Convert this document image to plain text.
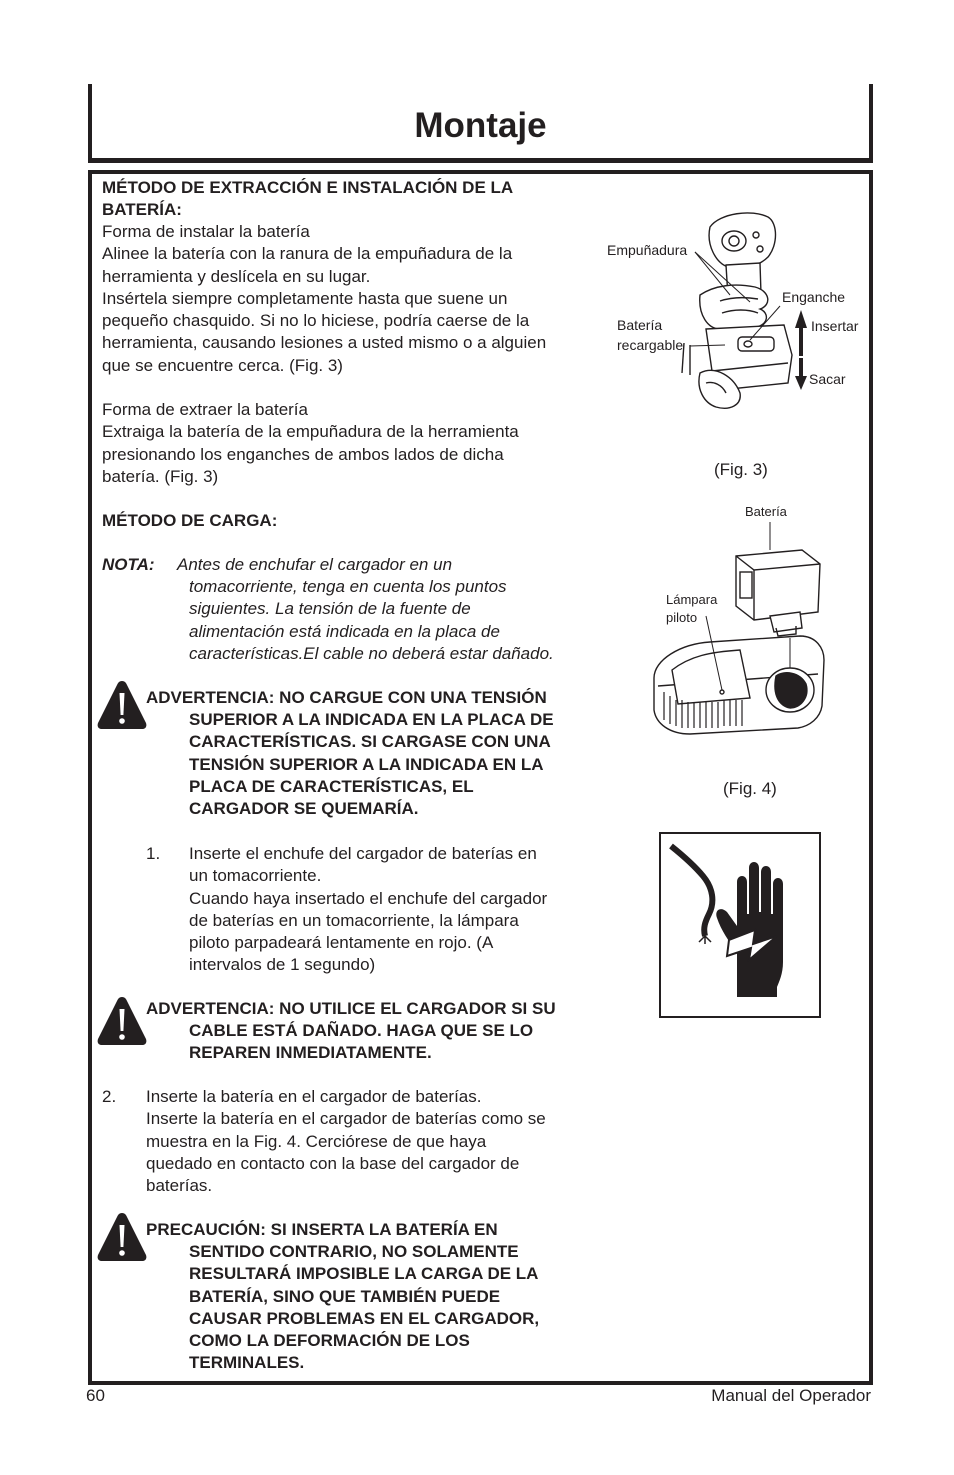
Montaje
MÉTODO DE EXTRACCIÓN E INSTALACIÓN DE LA
BATERÍA:
Forma de instalar la batería
Alinee la batería con la ranura de la empuñadura de la
herramienta y deslícela en su lugar.
Insértela siempre completamente hasta que suene un
pequeño chasquido. Si no lo hiciese, podría caerse de la
herramienta, causando lesiones a usted mismo o a alguien
que se encuentre cerca. (Fig. 3)
Forma de extraer la batería
Extraiga la batería de la empuñadura de la herramienta
presionando los enganches de ambos lados de dicha
batería. (Fig. 3)
MÉTODO DE CARGA:
NOTA: Antes de enchufar el cargador en un
tomacorriente, tenga en cuenta los puntos
siguientes. La tensión de la fuente de
alimentación está indicada en la placa de
características.El cable no deberá estar dañado.
ADVERTENCIA: NO CARGUE CON UNA TENSIÓN
SUPERIOR A LA INDICADA EN LA PLACA DE
CARACTERÍSTICAS. SI CARGASE CON UNA
TENSIÓN SUPERIOR A LA INDICADA EN LA
PLACA DE CARACTERÍSTICAS, EL
CARGADOR SE QUEMARÍA.
1. Inserte el enchufe del cargador de baterías en
un tomacorriente.
Cuando haya insertado el enchufe del cargador
de baterías en un tomacorriente, la lámpara
piloto parpadeará lentamente en rojo. (A
intervalos de 1 segundo)
ADVERTENCIA: NO UTILICE EL CARGADOR SI SU
CABLE ESTÁ DAÑADO. HAGA QUE SE LO
REPAREN INMEDIATAMENTE.
2. Inserte la batería en el cargador de baterías.
Inserte la batería en el cargador de baterías como se
muestra en la Fig. 4. Cerciórese de que haya
quedado en contacto con la base del cargador de
baterías.
PRECAUCIÓN: SI INSERTA LA BATERÍA EN
SENTIDO CONTRARIO, NO SOLAMENTE
RESULTARÁ IMPOSIBLE LA CARGA DE LA
BATERÍA, SINO QUE TAMBIÉN PUEDE
CAUSAR PROBLEMAS EN EL CARGADOR,
COMO LA DEFORMACIÓN DE LOS
TERMINALES.
Empuñadura
Enganche
Batería
recargable
Insertar
Sacar
(Fig. 3)
Batería
Lámpara
piloto
(Fig. 4)
60	Manual del Operador
